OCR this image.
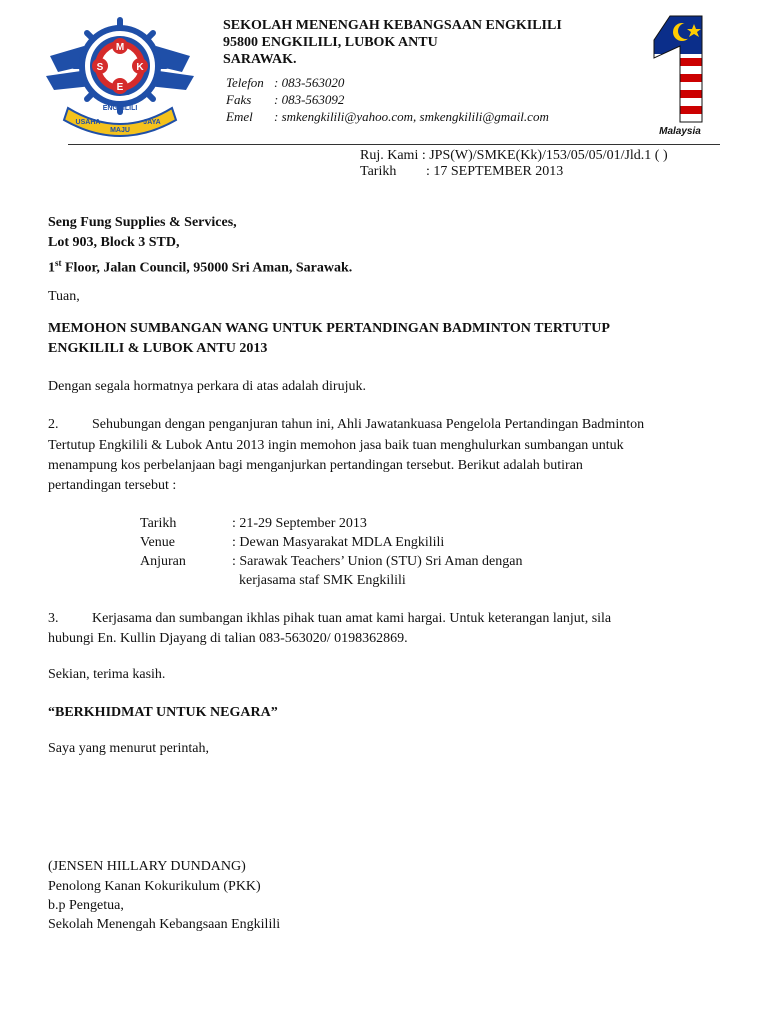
M
K
S
E
ENGKILILI
USAHA
MAJU
JAYA
SEKOLAH MENENGAH KEBANGSAAN ENGKILILI
95800 ENGKILILI, LUBOK ANTU
SARAWAK.
Telefon : 083-563020
Faks : 083-563092
Emel : smkengkilili@yahoo.com, smkengkilili@gmail.com
1
Malaysia
Ruj. Kami : JPS(W)/SMKE(Kk)/153/05/05/01/Jld.1 ( )
Tarikh : 17 SEPTEMBER 2013
Seng Fung Supplies & Services,
Lot 903, Block 3 STD,
1st Floor, Jalan Council, 95000 Sri Aman, Sarawak.
Tuan,
MEMOHON SUMBANGAN WANG UNTUK PERTANDINGAN BADMINTON TERTUTUP
ENGKILILI & LUBOK ANTU 2013
Dengan segala hormatnya perkara di atas adalah dirujuk.
2. Sehubungan dengan penganjuran tahun ini, Ahli Jawatankuasa Pengelola Pertandingan Badminton
Tertutup Engkilili & Lubok Antu 2013 ingin memohon jasa baik tuan menghulurkan sumbangan untuk
menampung kos perbelanjaan bagi menganjurkan pertandingan tersebut. Berikut adalah butiran
pertandingan tersebut :
Tarikh	: 21-29 September 2013
Venue	: Dewan Masyarakat MDLA Engkilili
Anjuran	: Sarawak Teachers’ Union (STU) Sri Aman dengan
kerjasama staf SMK Engkilili
3. Kerjasama dan sumbangan ikhlas pihak tuan amat kami hargai. Untuk keterangan lanjut, sila
hubungi En. Kullin Djayang di talian 083-563020/ 0198362869.
Sekian, terima kasih.
“BERKHIDMAT UNTUK NEGARA”
Saya yang menurut perintah,
(JENSEN HILLARY DUNDANG)
Penolong Kanan Kokurikulum (PKK)
b.p Pengetua,
Sekolah Menengah Kebangsaan Engkilili
